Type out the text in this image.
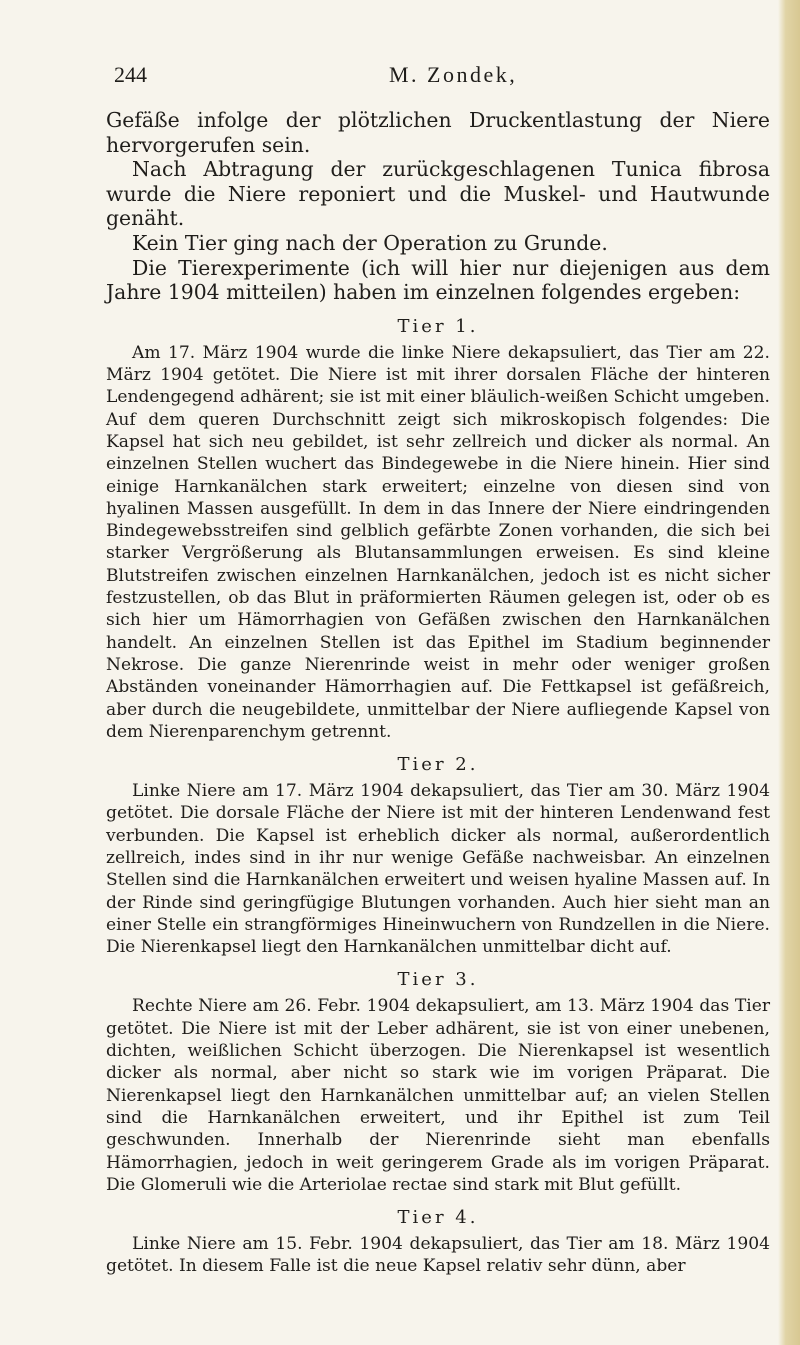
244	M. Zondek,

Gefäße infolge der plötzlichen Druckentlastung der Niere hervorgerufen sein.

Nach Abtragung der zurückgeschlagenen Tunica fibrosa wurde die Niere reponiert und die Muskel- und Hautwunde genäht.

Kein Tier ging nach der Operation zu Grunde.

Die Tierexperimente (ich will hier nur diejenigen aus dem Jahre 1904 mitteilen) haben im einzelnen folgendes ergeben:

Tier 1.

Am 17. März 1904 wurde die linke Niere dekapsuliert, das Tier am 22. März 1904 getötet. Die Niere ist mit ihrer dorsalen Fläche der hinteren Lendengegend adhärent; sie ist mit einer bläulich-weißen Schicht umgeben. Auf dem queren Durchschnitt zeigt sich mikroskopisch folgendes: Die Kapsel hat sich neu gebildet, ist sehr zellreich und dicker als normal. An einzelnen Stellen wuchert das Bindegewebe in die Niere hinein. Hier sind einige Harnkanälchen stark erweitert; einzelne von diesen sind von hyalinen Massen ausgefüllt. In dem in das Innere der Niere eindringenden Bindegewebsstreifen sind gelblich gefärbte Zonen vorhanden, die sich bei starker Vergrößerung als Blutansammlungen erweisen. Es sind kleine Blutstreifen zwischen einzelnen Harnkanälchen, jedoch ist es nicht sicher festzustellen, ob das Blut in präformierten Räumen gelegen ist, oder ob es sich hier um Hämorrhagien von Gefäßen zwischen den Harnkanälchen handelt. An einzelnen Stellen ist das Epithel im Stadium beginnender Nekrose. Die ganze Nierenrinde weist in mehr oder weniger großen Abständen voneinander Hämorrhagien auf. Die Fettkapsel ist gefäßreich, aber durch die neugebildete, unmittelbar der Niere aufliegende Kapsel von dem Nierenparenchym getrennt.

Tier 2.

Linke Niere am 17. März 1904 dekapsuliert, das Tier am 30. März 1904 getötet. Die dorsale Fläche der Niere ist mit der hinteren Lendenwand fest verbunden. Die Kapsel ist erheblich dicker als normal, außerordentlich zellreich, indes sind in ihr nur wenige Gefäße nachweisbar. An einzelnen Stellen sind die Harnkanälchen erweitert und weisen hyaline Massen auf. In der Rinde sind geringfügige Blutungen vorhanden. Auch hier sieht man an einer Stelle ein strangförmiges Hineinwuchern von Rundzellen in die Niere. Die Nierenkapsel liegt den Harnkanälchen unmittelbar dicht auf.

Tier 3.

Rechte Niere am 26. Febr. 1904 dekapsuliert, am 13. März 1904 das Tier getötet. Die Niere ist mit der Leber adhärent, sie ist von einer unebenen, dichten, weißlichen Schicht überzogen. Die Nierenkapsel ist wesentlich dicker als normal, aber nicht so stark wie im vorigen Präparat. Die Nierenkapsel liegt den Harnkanälchen unmittelbar auf; an vielen Stellen sind die Harnkanälchen erweitert, und ihr Epithel ist zum Teil geschwunden. Innerhalb der Nierenrinde sieht man ebenfalls Hämorrhagien, jedoch in weit geringerem Grade als im vorigen Präparat. Die Glomeruli wie die Arteriolae rectae sind stark mit Blut gefüllt.

Tier 4.

Linke Niere am 15. Febr. 1904 dekapsuliert, das Tier am 18. März 1904 getötet. In diesem Falle ist die neue Kapsel relativ sehr dünn, aber
